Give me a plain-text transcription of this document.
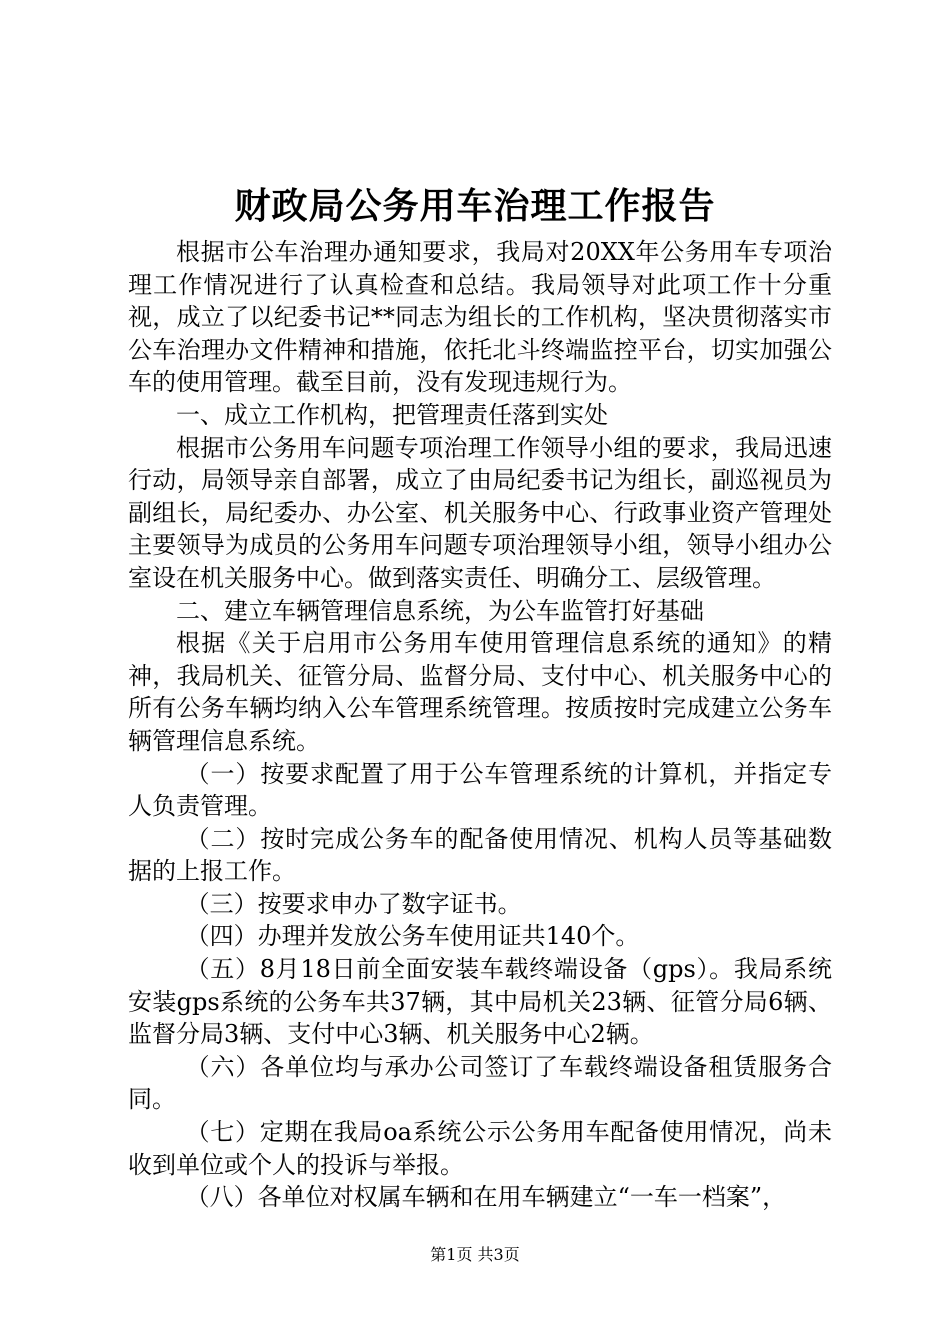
财政局公务用车治理工作报告

根据市公车治理办通知要求，我局对20XX年公务用车专项治理工作情况进行了认真检查和总结。我局领导对此项工作十分重视，成立了以纪委书记**同志为组长的工作机构，坚决贯彻落实市公车治理办文件精神和措施，依托北斗终端监控平台，切实加强公车的使用管理。截至目前，没有发现违规行为。

一、成立工作机构，把管理责任落到实处

根据市公务用车问题专项治理工作领导小组的要求，我局迅速行动，局领导亲自部署，成立了由局纪委书记为组长，副巡视员为副组长，局纪委办、办公室、机关服务中心、行政事业资产管理处主要领导为成员的公务用车问题专项治理领导小组，领导小组办公室设在机关服务中心。做到落实责任、明确分工、层级管理。

二、建立车辆管理信息系统，为公车监管打好基础

根据《关于启用市公务用车使用管理信息系统的通知》的精神，我局机关、征管分局、监督分局、支付中心、机关服务中心的所有公务车辆均纳入公车管理系统管理。按质按时完成建立公务车辆管理信息系统。

（一）按要求配置了用于公车管理系统的计算机，并指定专人负责管理。

（二）按时完成公务车的配备使用情况、机构人员等基础数据的上报工作。

（三）按要求申办了数字证书。

（四）办理并发放公务车使用证共140个。

（五）8月18日前全面安装车载终端设备（gps）。我局系统安装gps系统的公务车共37辆，其中局机关23辆、征管分局6辆、监督分局3辆、支付中心3辆、机关服务中心2辆。

（六）各单位均与承办公司签订了车载终端设备租赁服务合同。

（七）定期在我局oa系统公示公务用车配备使用情况，尚未收到单位或个人的投诉与举报。

（八）各单位对权属车辆和在用车辆建立“一车一档案”，

第1页 共3页
